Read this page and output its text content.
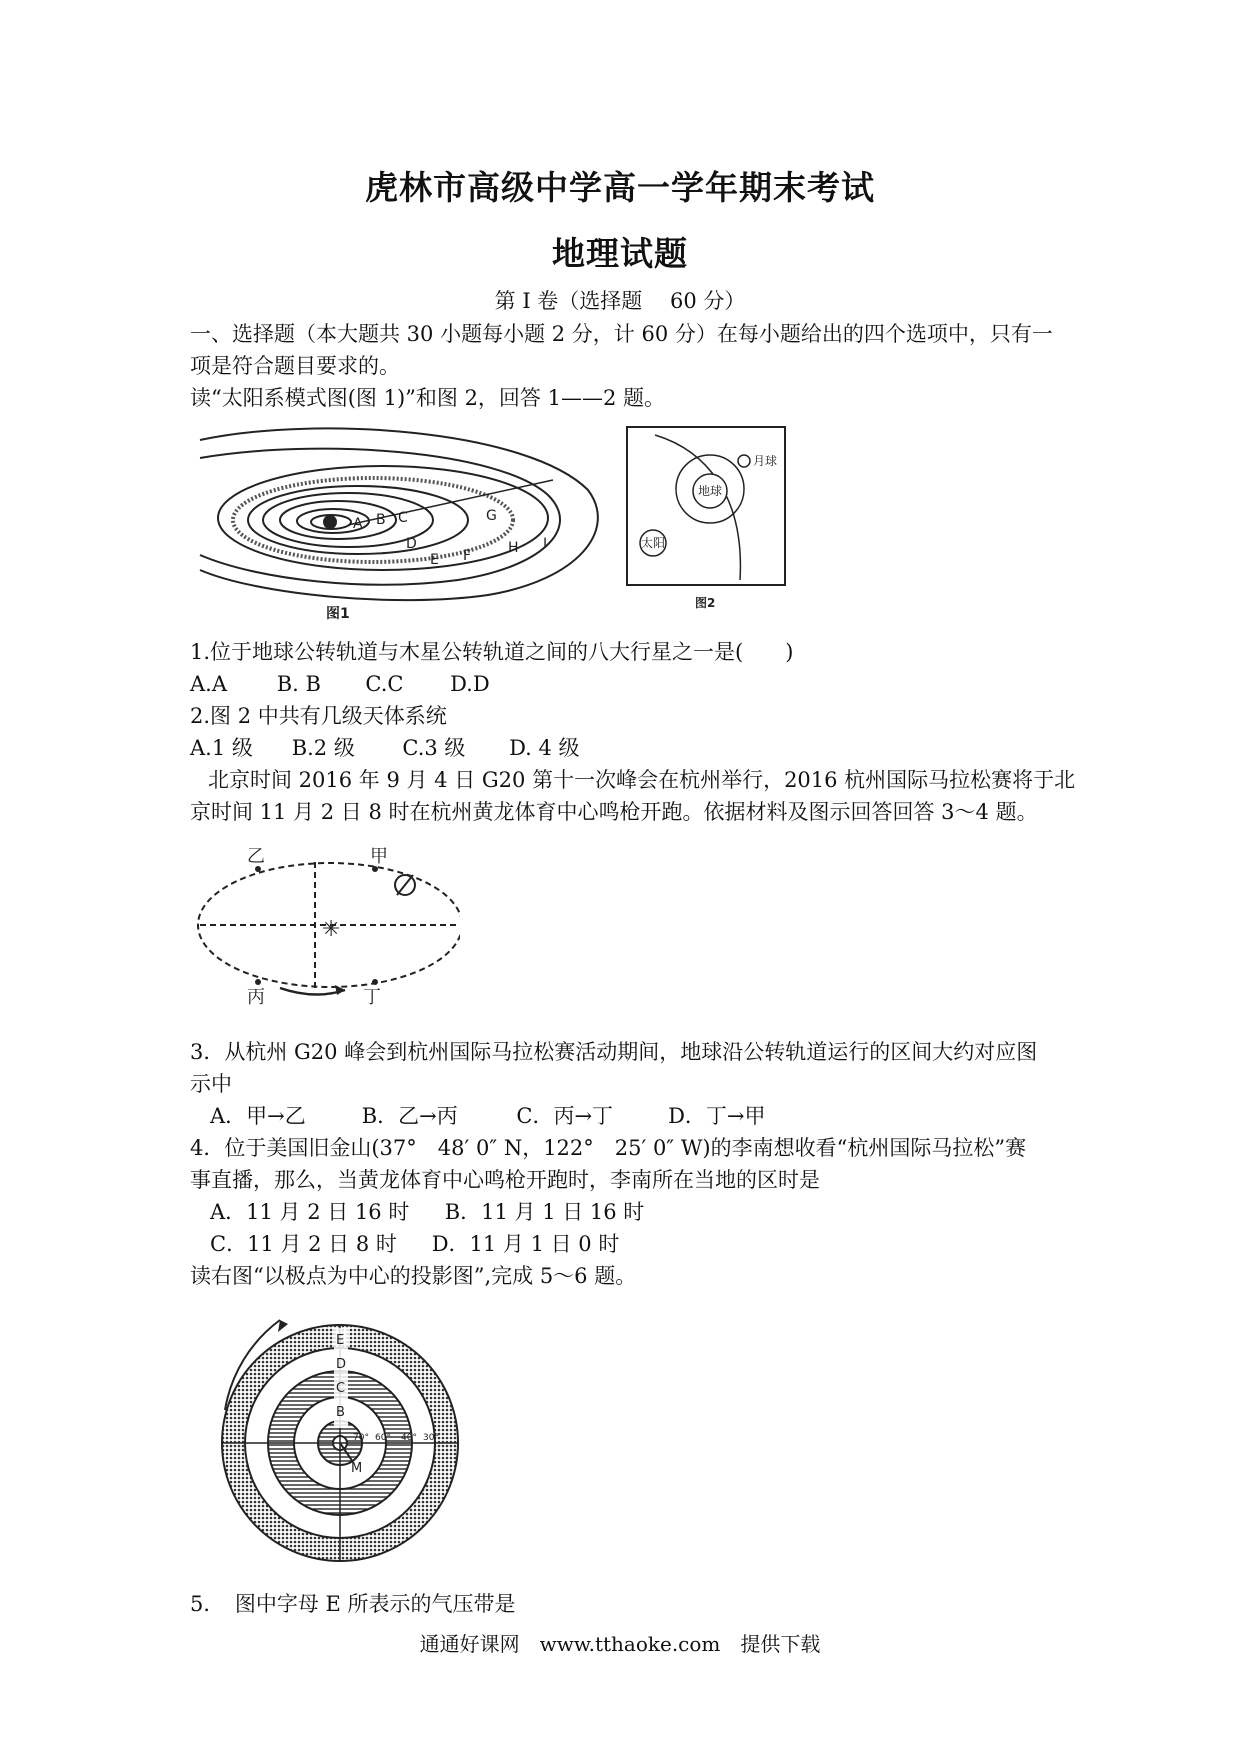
虎林市高级中学高一学年期末考试
地理试题
第 I 卷（选择题　 60 分）
一、选择题（本大题共 30 小题每小题 2 分，计 60 分）在每小题给出的四个选项中，只有一
项是符合题目要求的。
读“太阳系模式图(图 1)”和图 2，回答 1——2 题。
A B C
D
E F
G
H I
图1
月球
地球
太阳
图2
1.位于地球公转轨道与木星公转轨道之间的八大行星之一是(　　)
A.A B. B C.C D.D
2.图 2 中共有几级天体系统
A.1 级 B.2 级 C.3 级 D. 4 级
北京时间 2016 年 9 月 4 日 G20 第十一次峰会在杭州举行，2016 杭州国际马拉松赛将于北
京时间 11 月 2 日 8 时在杭州黄龙体育中心鸣枪开跑。依据材料及图示回答回答 3～4 题。
✳
乙	甲
丙	丁
3．从杭州 G20 峰会到杭州国际马拉松赛活动期间，地球沿公转轨道运行的区间大约对应图
示中
A．甲→乙	B．乙→丙	C．丙→丁	D．丁→甲
4．位于美国旧金山(37°　48′ 0″ N，122°　25′ 0″ W)的李南想收看“杭州国际马拉松”赛
事直播，那么，当黄龙体育中心鸣枪开跑时，李南所在当地的区时是
A．11 月 2 日 16 时 B．11 月 1 日 16 时
C．11 月 2 日 8 时 D．11 月 1 日 0 时
读右图“以极点为中心的投影图”,完成 5～6 题。
E
D
C
B
M
70° 60° 40° 30°
5．　图中字母 E 所表示的气压带是
通通好课网　www.tthaoke.com　提供下载
